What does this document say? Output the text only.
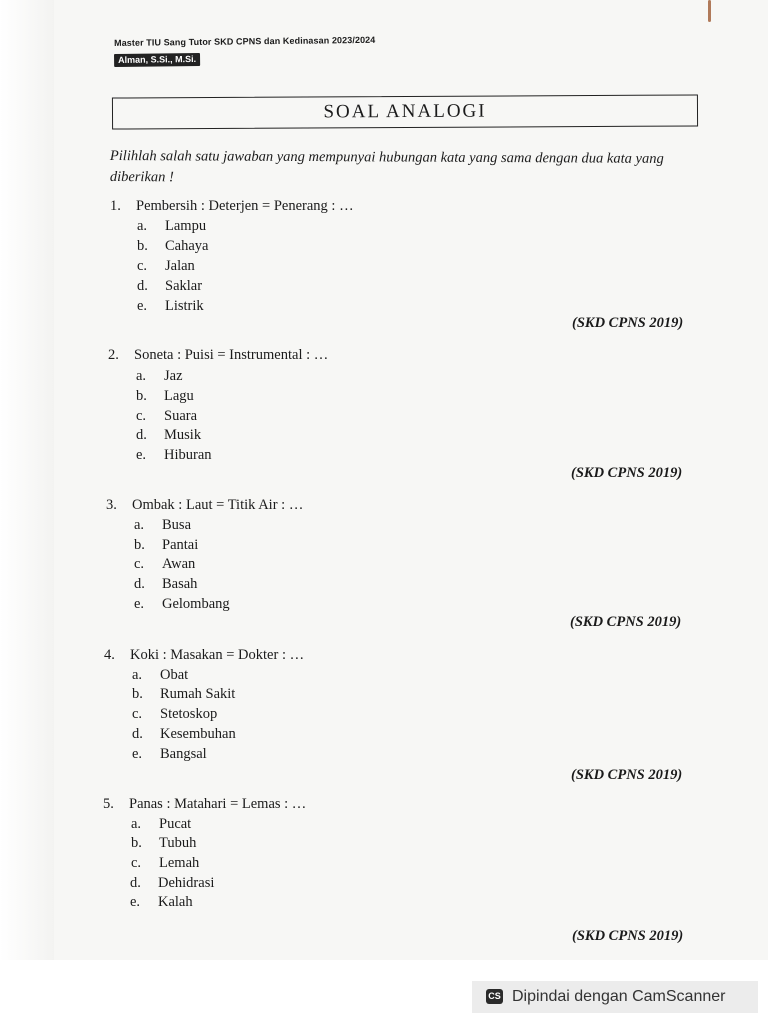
Master TIU Sang Tutor SKD CPNS dan Kedinasan 2023/2024
Alman, S.Si., M.Si.
SOAL ANALOGI
Pilihlah salah satu jawaban yang mempunyai hubungan kata yang sama dengan dua kata yang diberikan !
1. Pembersih : Deterjen = Penerang : …
a. Lampu
b. Cahaya
c. Jalan
d. Saklar
e. Listrik
(SKD CPNS 2019)
2. Soneta : Puisi = Instrumental : …
a. Jaz
b. Lagu
c. Suara
d. Musik
e. Hiburan
(SKD CPNS 2019)
3. Ombak : Laut = Titik Air : …
a. Busa
b. Pantai
c. Awan
d. Basah
e. Gelombang
(SKD CPNS 2019)
4. Koki : Masakan = Dokter : …
a. Obat
b. Rumah Sakit
c. Stetoskop
d. Kesembuhan
e. Bangsal
(SKD CPNS 2019)
5. Panas : Matahari = Lemas : …
a. Pucat
b. Tubuh
c. Lemah
d. Dehidrasi
e. Kalah
(SKD CPNS 2019)
CS Dipindai dengan CamScanner
